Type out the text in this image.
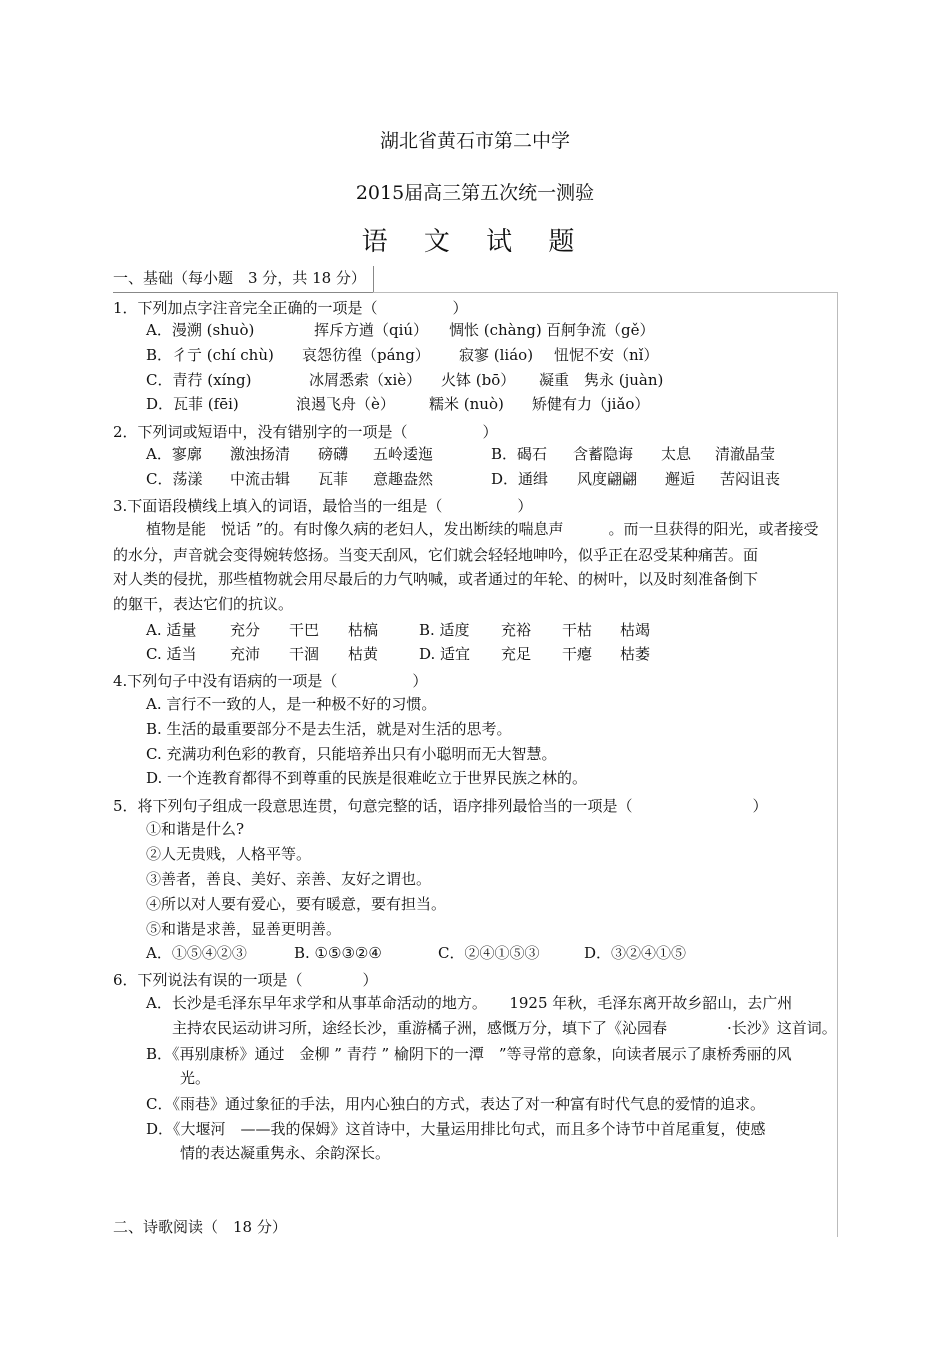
湖北省黄石市第二中学
2015届高三第五次统一测验
语 文 试 题
一、基础（每小题　3 分，共 18 分）
1．下列加点字注音完全正确的一项是（　　　　　）
A．漫溯 (shuò)	挥斥方遒（qiú） 惆怅 (chàng) 百舸争流（gě）
B．彳亍 (chí chù) 哀怨彷徨（páng） 寂寥 (liáo) 忸怩不安（nǐ）
C．青荇 (xíng)	冰屑悉索（xiè） 火钵 (bō） 凝重　隽永 (juàn)
D．瓦菲 (fēi)	浪遏飞舟（è） 糯米 (nuò) 矫健有力（jiǎo）
2．下列词或短语中，没有错别字的一项是（　　　　　）
A．寥廓 激浊扬清 磅礴 五岭逶迤	B．碣石 含蓄隐诲 太息 清澈晶莹
C．荡漾 中流击辑 瓦菲 意趣盎然	D．通缉 风度翩翩 邂逅 苦闷诅丧
3.下面语段横线上填入的词语，最恰当的一组是（　　　　　）
植物是能　悦话 ”的。有时像久病的老妇人，发出断续的喘息声　　　。而一旦获得的阳光，或者接受
的水分，声音就会变得婉转悠扬。当变天刮风，它们就会轻轻地呻吟，似乎正在忍受某种痛苦。面
对人类的侵扰，那些植物就会用尽最后的力气呐喊，或者通过的年轮、的树叶，以及时刻准备倒下
的躯干，表达它们的抗议。
A. 适量 充分 干巴 枯槁	B. 适度 充裕 干枯 枯竭
C. 适当 充沛 干涸 枯黄	D. 适宜 充足 干瘪 枯萎
4.下列句子中没有语病的一项是（　　　　　）
A. 言行不一致的人，是一种极不好的习惯。
B. 生活的最重要部分不是去生活，就是对生活的思考。
C. 充满功利色彩的教育，只能培养出只有小聪明而无大智慧。
D. 一个连教育都得不到尊重的民族是很难屹立于世界民族之林的。
5．将下列句子组成一段意思连贯，句意完整的话，语序排列最恰当的一项是（　　　　　　　　）
①和谐是什么?
②人无贵贱，人格平等。
③善者，善良、美好、亲善、友好之谓也。
④所以对人要有爱心，要有暖意，要有担当。
⑤和谐是求善，显善更明善。
A．①⑤④②③	B. ①⑤③②④	C．②④①⑤③	D．③②④①⑤
6．下列说法有误的一项是（　　　　）
A．长沙是毛泽东早年求学和从事革命活动的地方。　　1925 年秋，毛泽东离开故乡韶山，去广州
主持农民运动讲习所，途经长沙，重游橘子洲，感慨万分，填下了《沁园春　　　　·长沙》这首词。
B．《再别康桥》通过　金柳 ” 青荇 ” 榆阴下的一潭　”等寻常的意象，向读者展示了康桥秀丽的风
光。
C．《雨巷》通过象征的手法，用内心独白的方式，表达了对一种富有时代气息的爱情的追求。
D．《大堰河　——我的保姆》这首诗中，大量运用排比句式，而且多个诗节中首尾重复，使感
情的表达凝重隽永、余韵深长。
二、诗歌阅读（　18 分）
